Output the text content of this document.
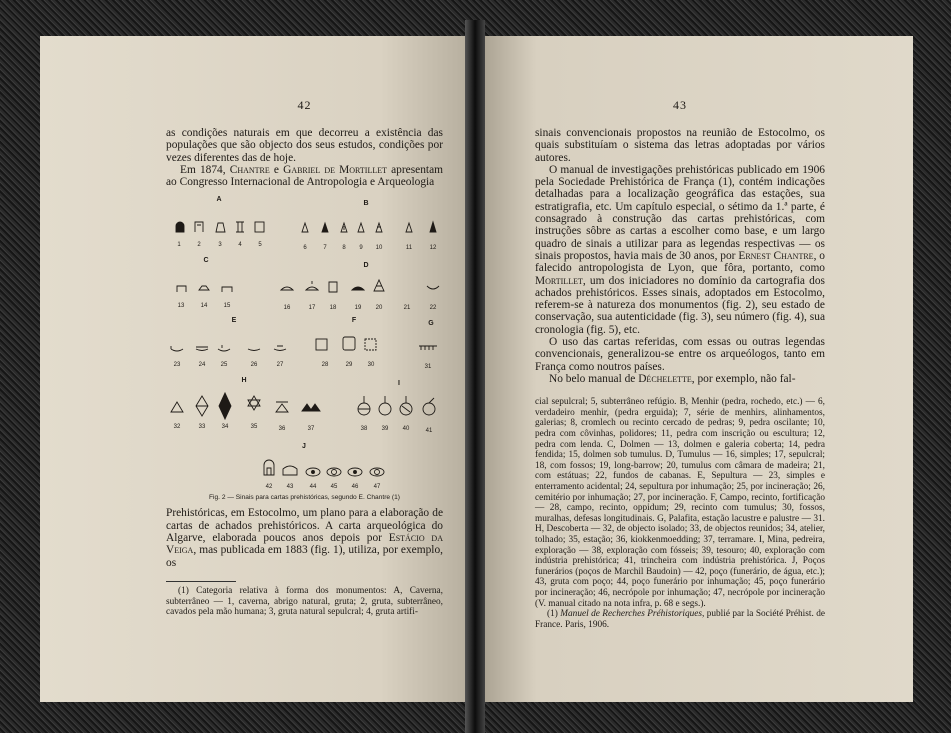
42

as condições naturais em que decorreu a existência das populações que são objecto dos seus estudos, condições por vezes diferentes das de hoje.

Em 1874, Chantre e Gabriel de Mortillet apresentam ao Congresso Internacional de Antropologia e Arqueologia

A
B
C
D
E	F	G
H	I
J
1	2	3	4	5	6	7	8 9 10	11	12
13	14	15	16	17 18	19 20	21	22
23	24	25	26	27	28	29	30	31
32	33	34	35	36	37	38 39 40	41
42 43	44 45 46	47
Fig. 2 — Sinais para cartas prehistóricas, segundo E. Chantre (1)

Prehistóricas, em Estocolmo, um plano para a elaboração de cartas de achados prehistóricos. A carta arqueológica do Algarve, elaborada poucos anos depois por Estácio da Veiga, mas publicada em 1883 (fig. 1), utiliza, por exemplo, os

(1) Categoria relativa à forma dos monumentos: A, Caverna, subterrâneo — 1, caverna, abrigo natural, gruta; 2, gruta, subterrâneo, cavados pela mão humana; 3, gruta natural sepulcral; 4, gruta artifi-

43

sinais convencionais propostos na reunião de Estocolmo, os quais substituíam o sistema das letras adoptadas por vários autores.

O manual de investigações prehistóricas publicado em 1906 pela Sociedade Prehistórica de França (1), contém indicações detalhadas para a localização geográfica das estações, sua estratigrafia, etc. Um capítulo especial, o sétimo da 1.ª parte, é consagrado à construção das cartas prehistóricas, com instruções sôbre as cartas a escolher como base, e um largo quadro de sinais a utilizar para as legendas respectivas — os sinais propostos, havia mais de 30 anos, por Ernest Chantre, o falecido antropologista de Lyon, que fôra, portanto, como Mortillet, um dos iniciadores no domínio da cartografia dos achados prehistóricos. Esses sinais, adoptados em Estocolmo, referem-se à natureza dos monumentos (fig. 2), seu estado de conservação, sua autenticidade (fig. 3), seu número (fig. 4), sua cronologia (fig. 5), etc.

O uso das cartas referidas, com essas ou outras legendas convencionais, generalizou-se entre os arqueólogos, tanto em França como noutros países.

No belo manual de Déchelette, por exemplo, não fal-

cial sepulcral; 5, subterrâneo refúgio. B, Menhir (pedra, rochedo, etc.) — 6, verdadeiro menhir, (pedra erguida); 7, série de menhirs, alinhamentos, galerias; 8, cromlech ou recinto cercado de pedras; 9, pedra oscilante; 10, pedra com côvinhas, polidores; 11, pedra com inscrição ou escultura; 12, pedra com lenda. C, Dolmen — 13, dolmen e galeria coberta; 14, pedra fendida; 15, dolmen sob tumulus. D, Tumulus — 16, simples; 17, sepulcral; 18, com fossos; 19, long-barrow; 20, tumulus com câmara de madeira; 21, com estátuas; 22, fundos de cabanas. E, Sepultura — 23, simples e enterramento acidental; 24, sepultura por inhumação; 25, por incineração; 26, cemitério por inhumação; 27, por incineração. F, Campo, recinto, fortificação — 28, campo, recinto, oppidum; 29, recinto com tumulus; 30, fossos, muralhas, defesas longitudinais. G, Palafita, estação lacustre e palustre — 31. H, Descoberta — 32, de objecto isolado; 33, de objectos reunidos; 34, atelier, tolhado; 35, estação; 36, kiokkenmoedding; 37, terramare. I, Mina, pedreira, exploração — 38, exploração com fósseis; 39, tesouro; 40, exploração com indústria prehistórica; 41, trincheira com indústria prehistórica. J, Poços funerários (poços de Marchil Baudoin) — 42, poço (funerário, de água, etc.); 43, gruta com poço; 44, poço funerário por inhumação; 45, poço funerário por incineração; 46, necrópole por inhumação; 47, necrópole por incineração (V. manual citado na nota infra, p. 68 e segs.).

(1) Manuel de Recherches Préhistoriques, publié par la Société Préhist. de France. Paris, 1906.
